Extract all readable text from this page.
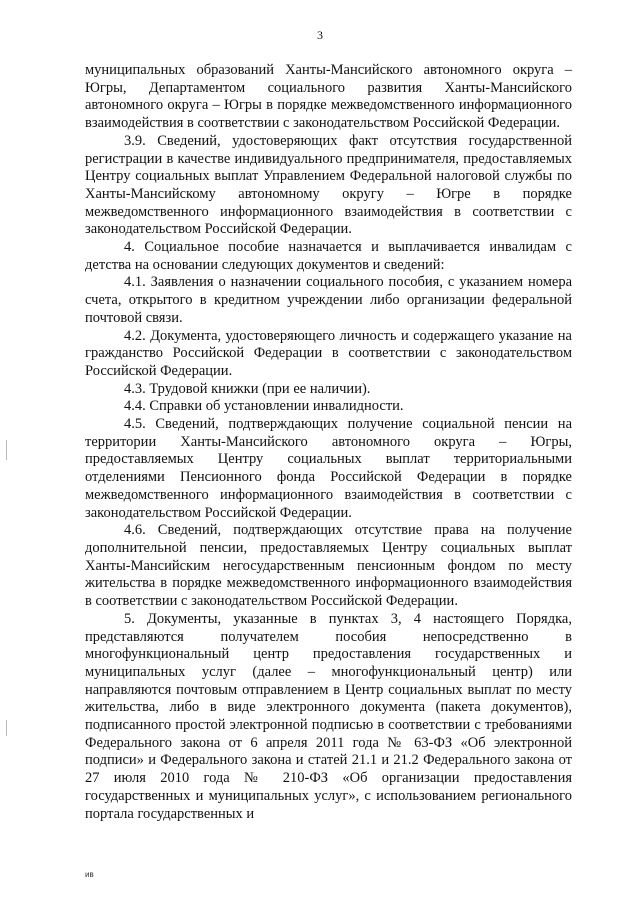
3

муниципальных образований Ханты-Мансийского автономного округа – Югры, Департаментом социального развития Ханты-Мансийского автономного округа – Югры в порядке межведомственного информационного взаимодействия в соответствии с законодательством Российской Федерации.

3.9. Сведений, удостоверяющих факт отсутствия государственной регистрации в качестве индивидуального предпринимателя, предоставляемых Центру социальных выплат Управлением Федеральной налоговой службы по Ханты-Мансийскому автономному округу – Югре в порядке межведомственного информационного взаимодействия в соответствии с законодательством Российской Федерации.

4. Социальное пособие назначается и выплачивается инвалидам с детства на основании следующих документов и сведений:

4.1. Заявления о назначении социального пособия, с указанием номера счета, открытого в кредитном учреждении либо организации федеральной почтовой связи.

4.2. Документа, удостоверяющего личность и содержащего указание на гражданство Российской Федерации в соответствии с законодательством Российской Федерации.

4.3. Трудовой книжки (при ее наличии).

4.4. Справки об установлении инвалидности.

4.5. Сведений, подтверждающих получение социальной пенсии на территории Ханты-Мансийского автономного округа – Югры, предоставляемых Центру социальных выплат территориальными отделениями Пенсионного фонда Российской Федерации в порядке межведомственного информационного взаимодействия в соответствии с законодательством Российской Федерации.

4.6. Сведений, подтверждающих отсутствие права на получение дополнительной пенсии, предоставляемых Центру социальных выплат Ханты-Мансийским негосударственным пенсионным фондом по месту жительства в порядке межведомственного информационного взаимодействия в соответствии с законодательством Российской Федерации.

5. Документы, указанные в пунктах 3, 4 настоящего Порядка, представляются получателем пособия непосредственно в многофункциональный центр предоставления государственных и муниципальных услуг (далее – многофункциональный центр) или направляются почтовым отправлением в Центр социальных выплат по месту жительства, либо в виде электронного документа (пакета документов), подписанного простой электронной подписью в соответствии с требованиями Федерального закона от 6 апреля 2011 года № 63-ФЗ «Об электронной подписи» и Федерального закона и статей 21.1 и 21.2 Федерального закона от 27 июля 2010 года № 210-ФЗ «Об организации предоставления государственных и муниципальных услуг», с использованием регионального портала государственных и

ив
